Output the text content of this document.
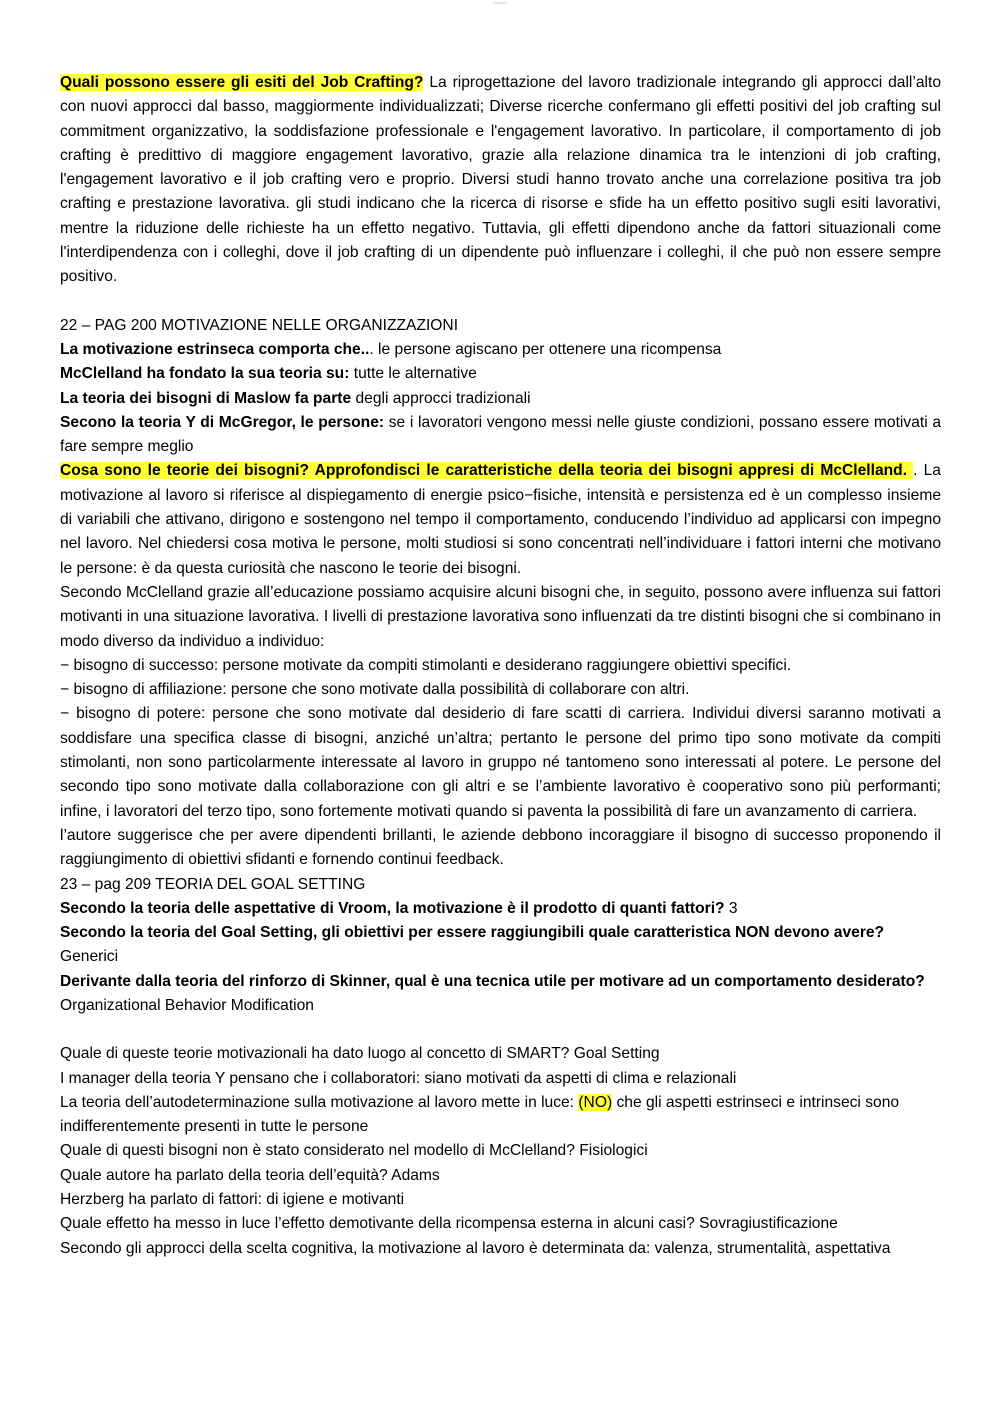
bianchi

Quali possono essere gli esiti del Job Crafting? La riprogettazione del lavoro tradizionale integrando gli approcci dall’alto con nuovi approcci dal basso, maggiormente individualizzati; Diverse ricerche confermano gli effetti positivi del job crafting sul commitment organizzativo, la soddisfazione professionale e l'engagement lavorativo. In particolare, il comportamento di job crafting è predittivo di maggiore engagement lavorativo, grazie alla relazione dinamica tra le intenzioni di job crafting, l'engagement lavorativo e il job crafting vero e proprio. Diversi studi hanno trovato anche una correlazione positiva tra job crafting e prestazione lavorativa. gli studi indicano che la ricerca di risorse e sfide ha un effetto positivo sugli esiti lavorativi, mentre la riduzione delle richieste ha un effetto negativo. Tuttavia, gli effetti dipendono anche da fattori situazionali come l'interdipendenza con i colleghi, dove il job crafting di un dipendente può influenzare i colleghi, il che può non essere sempre positivo.

22 – PAG 200 MOTIVAZIONE NELLE ORGANIZZAZIONI

La motivazione estrinseca comporta che... le persone agiscano per ottenere una ricompensa

McClelland ha fondato la sua teoria su: tutte le alternative

La teoria dei bisogni di Maslow fa parte degli approcci tradizionali

Secono la teoria Y di McGregor, le persone: se i lavoratori vengono messi nelle giuste condizioni, possano essere motivati a fare sempre meglio

Cosa sono le teorie dei bisogni? Approfondisci le caratteristiche della teoria dei bisogni appresi di McClelland. . La motivazione al lavoro si riferisce al dispiegamento di energie psico−fisiche, intensità e persistenza ed è un complesso insieme di variabili che attivano, dirigono e sostengono nel tempo il comportamento, conducendo l’individuo ad applicarsi con impegno nel lavoro. Nel chiedersi cosa motiva le persone, molti studiosi si sono concentrati nell’individuare i fattori interni che motivano le persone: è da questa curiosità che nascono le teorie dei bisogni.

Secondo McClelland grazie all’educazione possiamo acquisire alcuni bisogni che, in seguito, possono avere influenza sui fattori motivanti in una situazione lavorativa. I livelli di prestazione lavorativa sono influenzati da tre distinti bisogni che si combinano in modo diverso da individuo a individuo:

− bisogno di successo: persone motivate da compiti stimolanti e desiderano raggiungere obiettivi specifici.

− bisogno di affiliazione: persone che sono motivate dalla possibilità di collaborare con altri.

− bisogno di potere: persone che sono motivate dal desiderio di fare scatti di carriera. Individui diversi saranno motivati a soddisfare una specifica classe di bisogni, anziché un’altra; pertanto le persone del primo tipo sono motivate da compiti stimolanti, non sono particolarmente interessate al lavoro in gruppo né tantomeno sono interessati al potere. Le persone del secondo tipo sono motivate dalla collaborazione con gli altri e se l’ambiente lavorativo è cooperativo sono più performanti; infine, i lavoratori del terzo tipo, sono fortemente motivati quando si paventa la possibilità di fare un avanzamento di carriera.

l’autore suggerisce che per avere dipendenti brillanti, le aziende debbono incoraggiare il bisogno di successo proponendo il raggiungimento di obiettivi sfidanti e fornendo continui feedback.

23 – pag 209 TEORIA DEL GOAL SETTING

Secondo la teoria delle aspettative di Vroom, la motivazione è il prodotto di quanti fattori? 3

Secondo la teoria del Goal Setting, gli obiettivi per essere raggiungibili quale caratteristica NON devono avere? Generici

Derivante dalla teoria del rinforzo di Skinner, qual è una tecnica utile per motivare ad un comportamento desiderato? Organizational Behavior Modification

Quale di queste teorie motivazionali ha dato luogo al concetto di SMART? Goal Setting

I manager della teoria Y pensano che i collaboratori: siano motivati da aspetti di clima e relazionali

La teoria dell’autodeterminazione sulla motivazione al lavoro mette in luce: (NO) che gli aspetti estrinseci e intrinseci sono indifferentemente presenti in tutte le persone

Quale di questi bisogni non è stato considerato nel modello di McClelland? Fisiologici

Quale autore ha parlato della teoria dell’equità? Adams

Herzberg ha parlato di fattori: di igiene e motivanti

Quale effetto ha messo in luce l’effetto demotivante della ricompensa esterna in alcuni casi? Sovragiustificazione

Secondo gli approcci della scelta cognitiva, la motivazione al lavoro è determinata da: valenza, strumentalità, aspettativa
